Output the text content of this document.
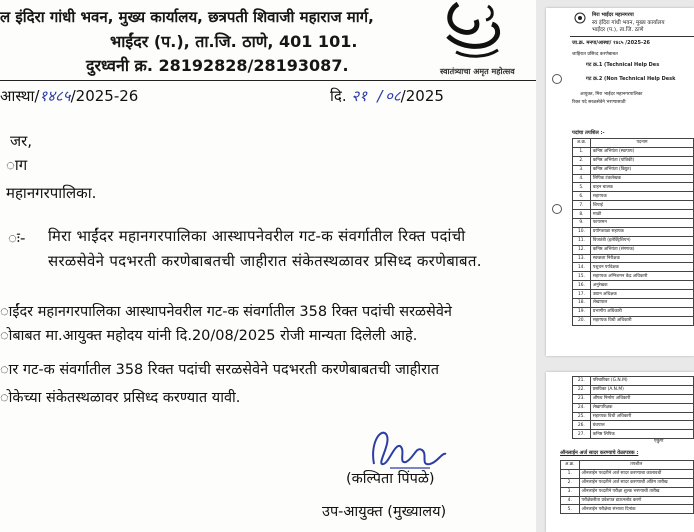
स्वातंत्र्याचा अमृत महोत्सव
ल इंदिरा गांधी भवन, मुख्य कार्यालय, छत्रपती शिवाजी महाराज मार्ग,
भाईंदर (प.), ता.जि. ठाणे, 401 101.
दुरध्वनी क्र. 28192828/28193087.
आस्था/१४८५/2025-26	दि. २१ /०८/2025
जर,
ाग
महानगरपालिका.
ः- मिरा भाईंदर महानगरपालिका आस्थापनेवरील गट-क संवर्गातील रिक्त पदांची सरळसेवेने पदभरती करणेबाबतची जाहीरात संकेतस्थळावर प्रसिध्द करणेबाबत.
ाईंदर महानगरपालिका आस्थापनेवरील गट-क संवर्गातील 358 रिक्त पदांची सरळसेवेने
ोबाबत मा.आयुक्त महोदय यांनी दि.20/08/2025 रोजी मान्यता दिलेली आहे.
ार गट-क संवर्गातील 358 रिक्त पदांची सरळसेवेने पदभरती करणेबाबतची जाहीरात
ोकेच्या संकेतस्थळावर प्रसिध्द करण्यात यावी.
(कल्पिता पिंपळे)
उप-आयुक्त (मुख्यालय)
मिरा भाईंदर महानगरपा
स्व इंदिरा गांधी भवन, मुख्य कार्यालय
भाईंदर (प.), ता.जि. ठाणे
जा.क्र. मनपा/आस्था/ १४८५ /2025-26
जाहिरात प्रसिध्द करणेबाबत
गट क्र.1 (Technical Help Des
गट क्र.2 (Non Technical Help Desk
आयुक्त, मिरा भाईंदर महानगरपालिका
रिक्त पदे सरळसेवेने भरण्यासाठी
पदांचा तपशिल :-
अ.क्र.	पदनाम
1.	कनिष्ठ अभियंता (स्थापत्य)
2.	कनिष्ठ अभियंता (यांत्रिकी)
3.	कनिष्ठ अभियंता (विद्युत)
4.	लिपिक टंकलेखक
5.	वाहन चालक
6.	सहाय्यक
7.	शिपाई
8.	माळी
9.	फायरमन
10.	प्रयोगशाळा सहायक
11.	विजतंत्री (इलेक्ट्रिशियन)
12.	कनिष्ठ अभियंता (संगणक)
13.	स्वच्छता निरीक्षक
14.	पशुधन पर्यवेक्षक
15.	सहाय्यक अग्निशमन केंद्र अधिकारी
16.	अनुरेखक
17.	उद्यान अधिक्षक
18.	लेखापाल
19.	प्रभागीय अधिकारी
20.	सहाय्यक विधी अधिकारी
21.	परिचारिका (G.N.M)
22.	प्रसविका (A.N.M)
23.	औषध निर्माण अधिकारी
24.	लेखापरिक्षक
25.	सहाय्यक विधी अधिकारी
26.	ग्रंथपाल
27.	कनिष्ठ लिपिक
एकुण
ऑनलाईन अर्ज सादर करण्याचे वेळापत्रक :
अ.क्र.	तपशील
1.	ऑनलाईन पध्दतीने अर्ज सादर करण्याचा कालावधी
2.	ऑनलाईन पध्दतीने अर्ज सादर करण्याची अंतिम तारीख
3.	ऑनलाईन पध्दतीने परीक्षा शुल्क भरण्याची तारीख
4.	परीक्षेकरीता प्रवेशपत्र डाऊनलोड करणे
5.	ऑनलाईन परीक्षेचा संभाव्य दिनांक
